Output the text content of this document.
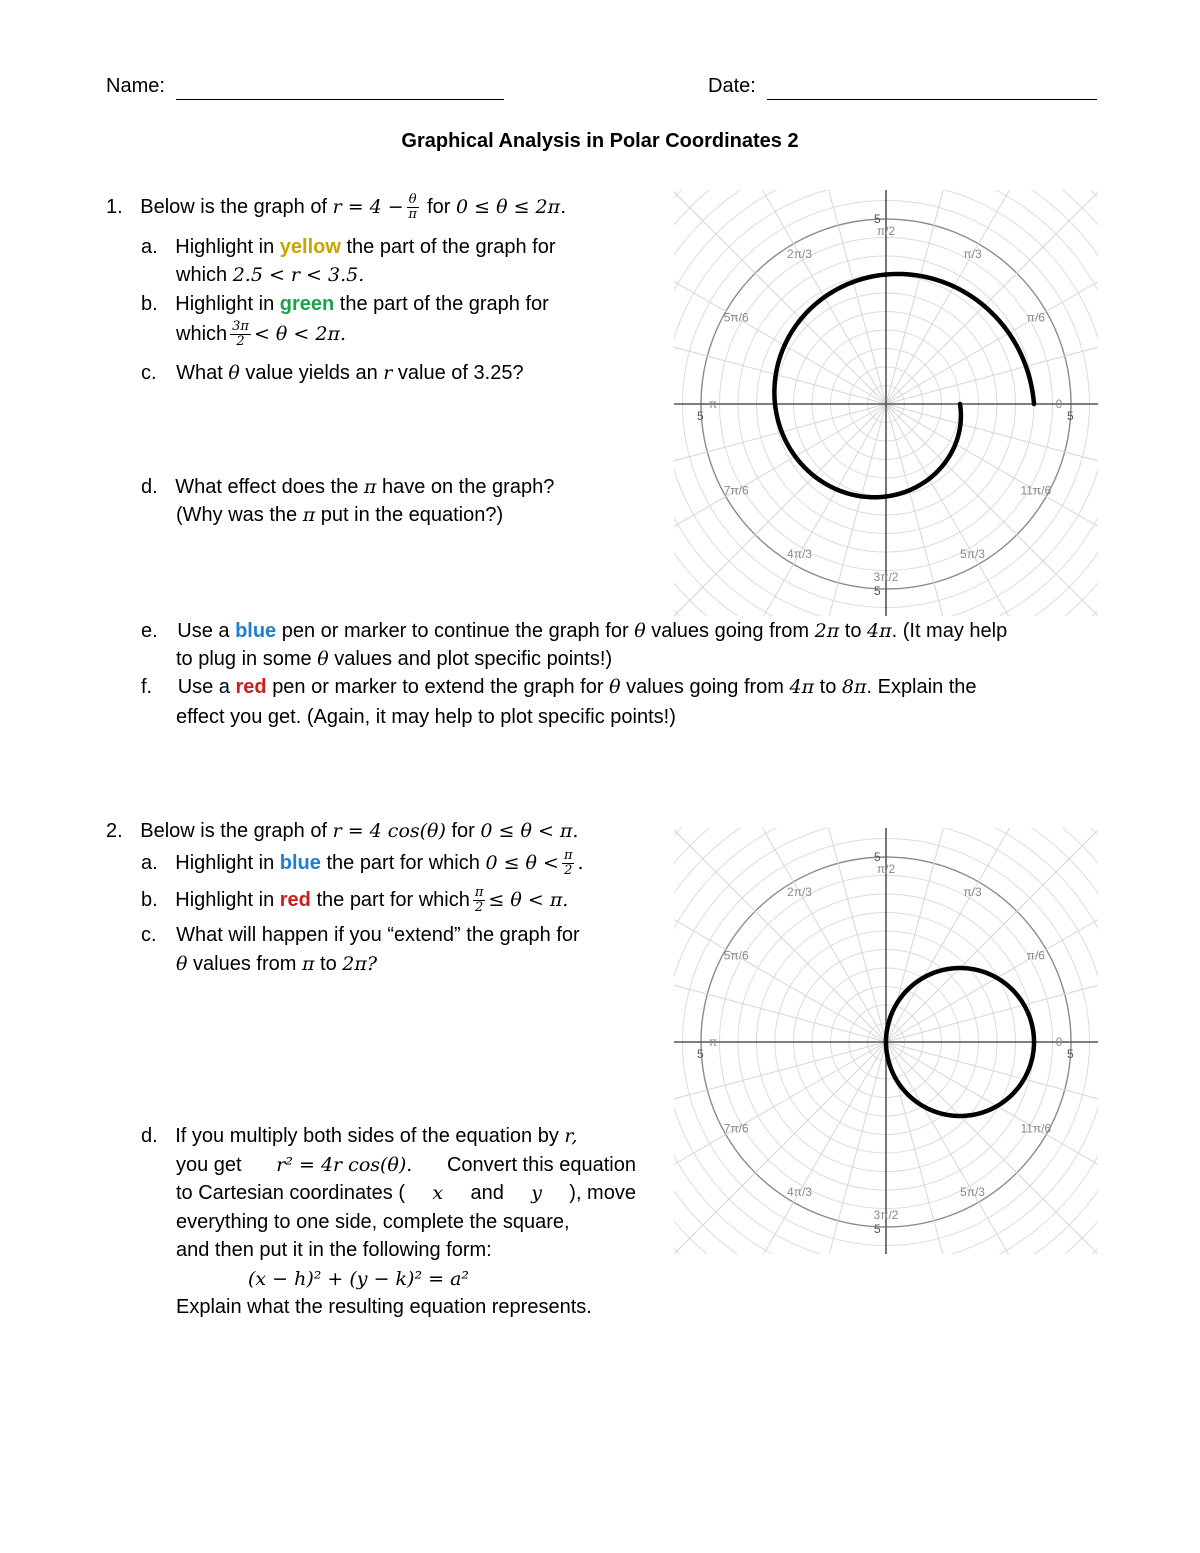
Name:	Date:
Graphical Analysis in Polar Coordinates 2
1. Below is the graph of $r = 4 - \frac{\theta}{\pi}$ for 0 ≤ θ ≤ 2π.
a. Highlight in yellow the part of the graph for
which 2.5 < r < 3.5.
b. Highlight in green the part of the graph for
which $\frac{3\pi}{2} < \theta < 2\pi$.
c. What θ value yields an r value of 3.25?
d. What effect does the π have on the graph?
(Why was the π put in the equation?)
e. Use a blue pen or marker to continue the graph for θ values going from 2π to 4π. (It may help
to plug in some θ values and plot specific points!)
f. Use a red pen or marker to extend the graph for θ values going from 4π to 8π. Explain the
effect you get. (Again, it may help to plot specific points!)
2. Below is the graph of r = 4 cos(θ) for 0 ≤ θ < π.
a. Highlight in blue the part for which $0 \le \theta < \frac{\pi}{2}$ .
b. Highlight in red the part for which $\frac{\pi}{2} \le \theta < \pi$.
c. What will happen if you “extend” the graph for
θ values from π to 2π?
d. If you multiply both sides of the equation by r,
you get r² = 4r cos(θ). Convert this equation
to Cartesian coordinates ( x and y ), move
everything to one side, complete the square,
and then put it in the following form:
(x − h)² + (y − k)² = a²
Explain what the resulting equation represents.
5
5
5
5
0
π/6
π/3
π/2
2π/3
5π/6
π
7π/6
4π/3
3π/2
5π/3
11π/6
5
5
5
5
0
π/6
π/3
π/2
2π/3
5π/6
π
7π/6
4π/3
3π/2
5π/3
11π/6
